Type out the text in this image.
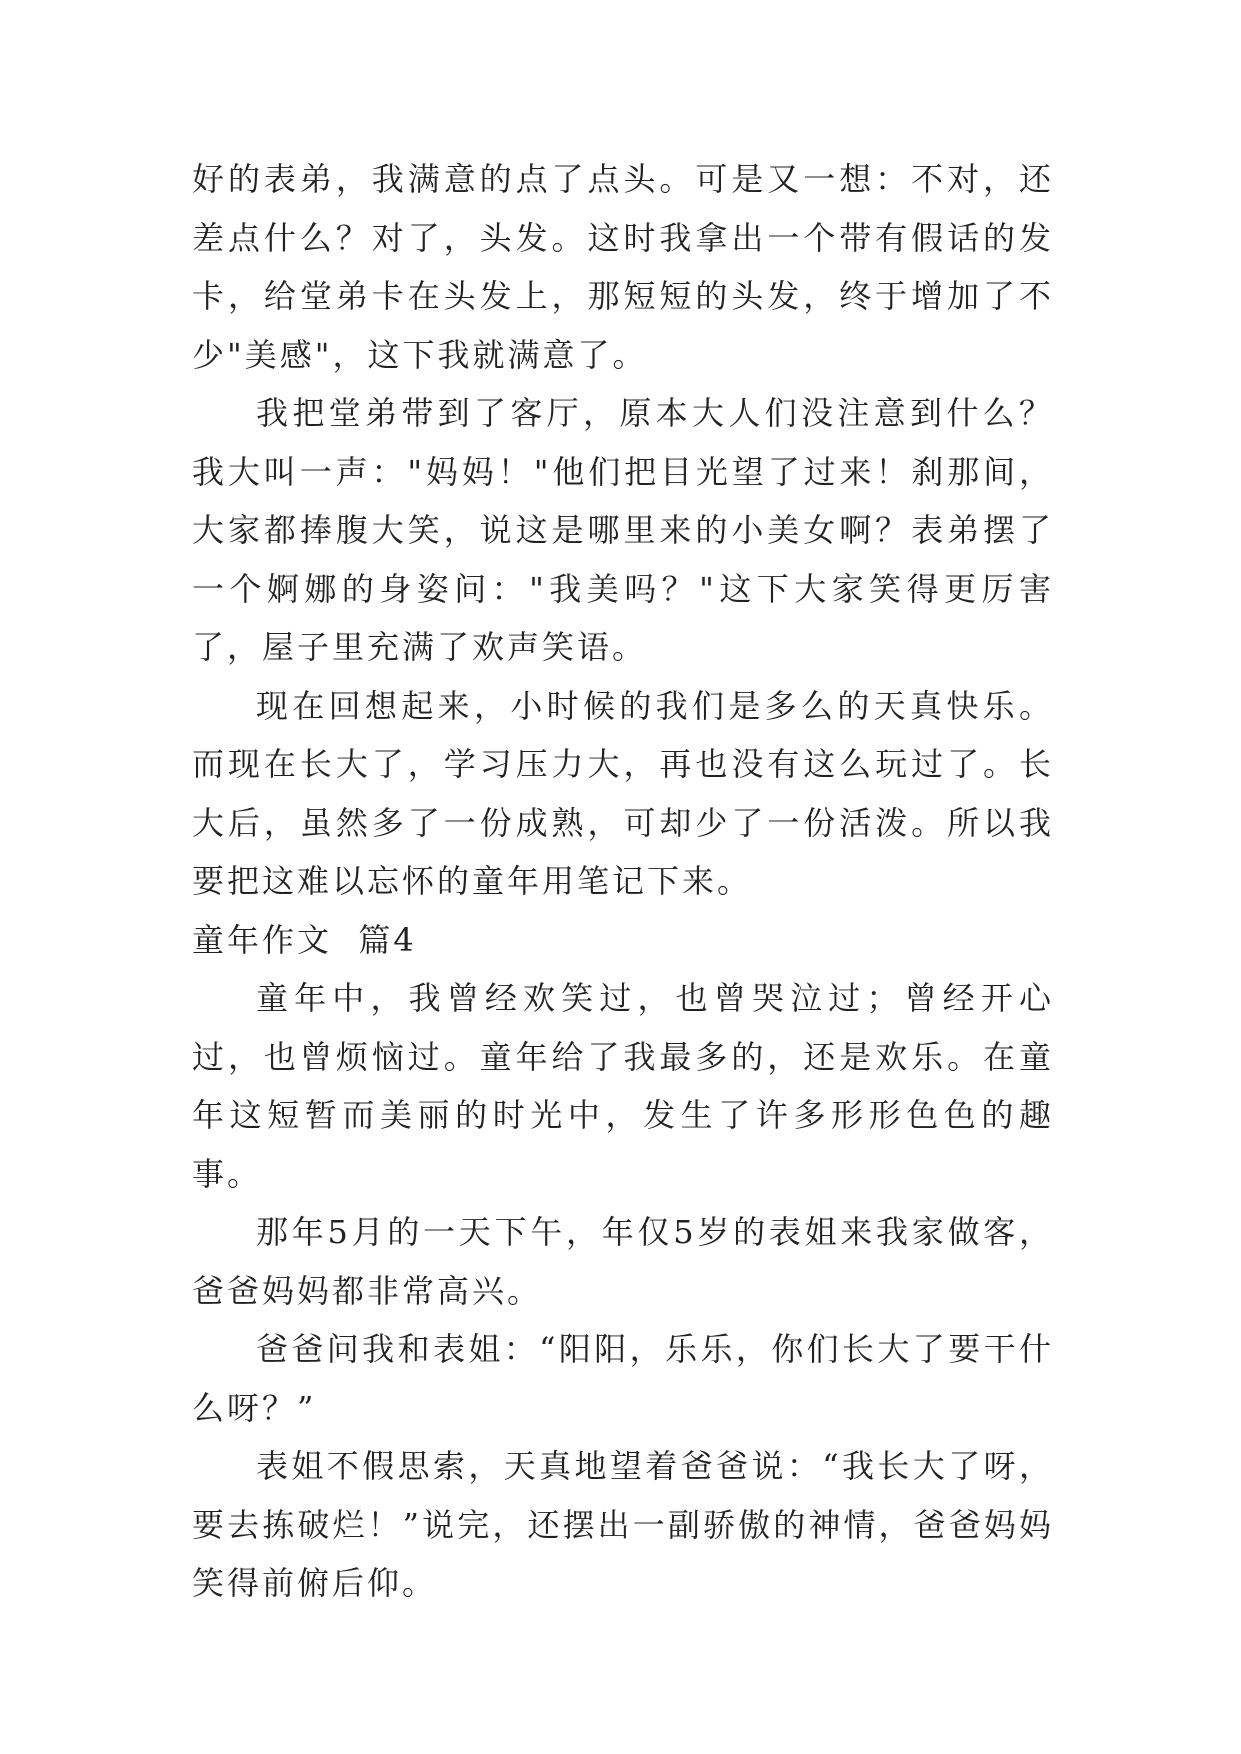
好的表弟，我满意的点了点头。可是又一想：不对，还差点什么？对了，头发。这时我拿出一个带有假话的发卡，给堂弟卡在头发上，那短短的头发，终于增加了不少"美感"，这下我就满意了。

我把堂弟带到了客厅，原本大人们没注意到什么？我大叫一声："妈妈！"他们把目光望了过来！刹那间，大家都捧腹大笑，说这是哪里来的小美女啊？表弟摆了一个婀娜的身姿问："我美吗？"这下大家笑得更厉害了，屋子里充满了欢声笑语。

现在回想起来，小时候的我们是多么的天真快乐。而现在长大了，学习压力大，再也没有这么玩过了。长大后，虽然多了一份成熟，可却少了一份活泼。所以我要把这难以忘怀的童年用笔记下来。

童年作文  篇4

童年中，我曾经欢笑过，也曾哭泣过；曾经开心过，也曾烦恼过。童年给了我最多的，还是欢乐。在童年这短暂而美丽的时光中，发生了许多形形色色的趣事。

那年5月的一天下午，年仅5岁的表姐来我家做客，爸爸妈妈都非常高兴。

爸爸问我和表姐：“阳阳，乐乐，你们长大了要干什么呀？”

表姐不假思索，天真地望着爸爸说：“我长大了呀，要去拣破烂！”说完，还摆出一副骄傲的神情，爸爸妈妈笑得前俯后仰。
